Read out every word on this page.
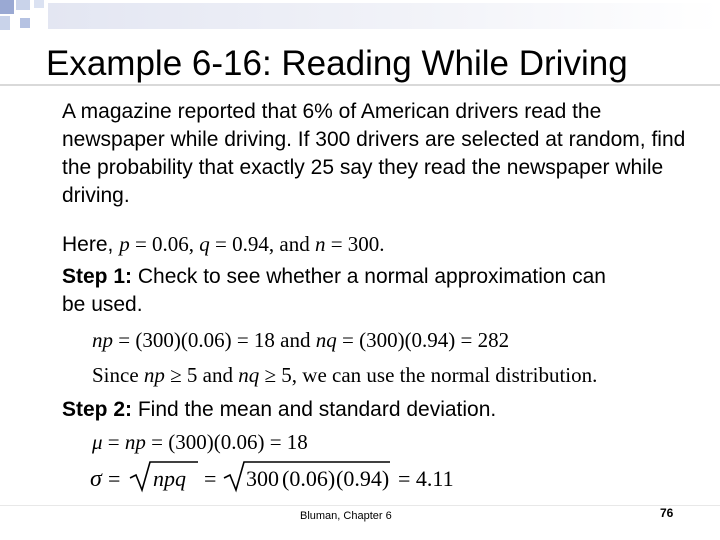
Example 6-16: Reading While Driving

A magazine reported that 6% of American drivers read the newspaper while driving. If 300 drivers are selected at random, find the probability that exactly 25 say they read the newspaper while driving.

Here, p = 0.06, q = 0.94, and n = 300.
Step 1: Check to see whether a normal approximation can
be used.
np = (300)(0.06) = 18 and nq = (300)(0.94) = 282
Since np ≥ 5 and nq ≥ 5, we can use the normal distribution.
Step 2: Find the mean and standard deviation.
μ = np = (300)(0.06) = 18
σ = npq = 300 (0.06) (0.94) = 4.11
Bluman, Chapter 6	76
